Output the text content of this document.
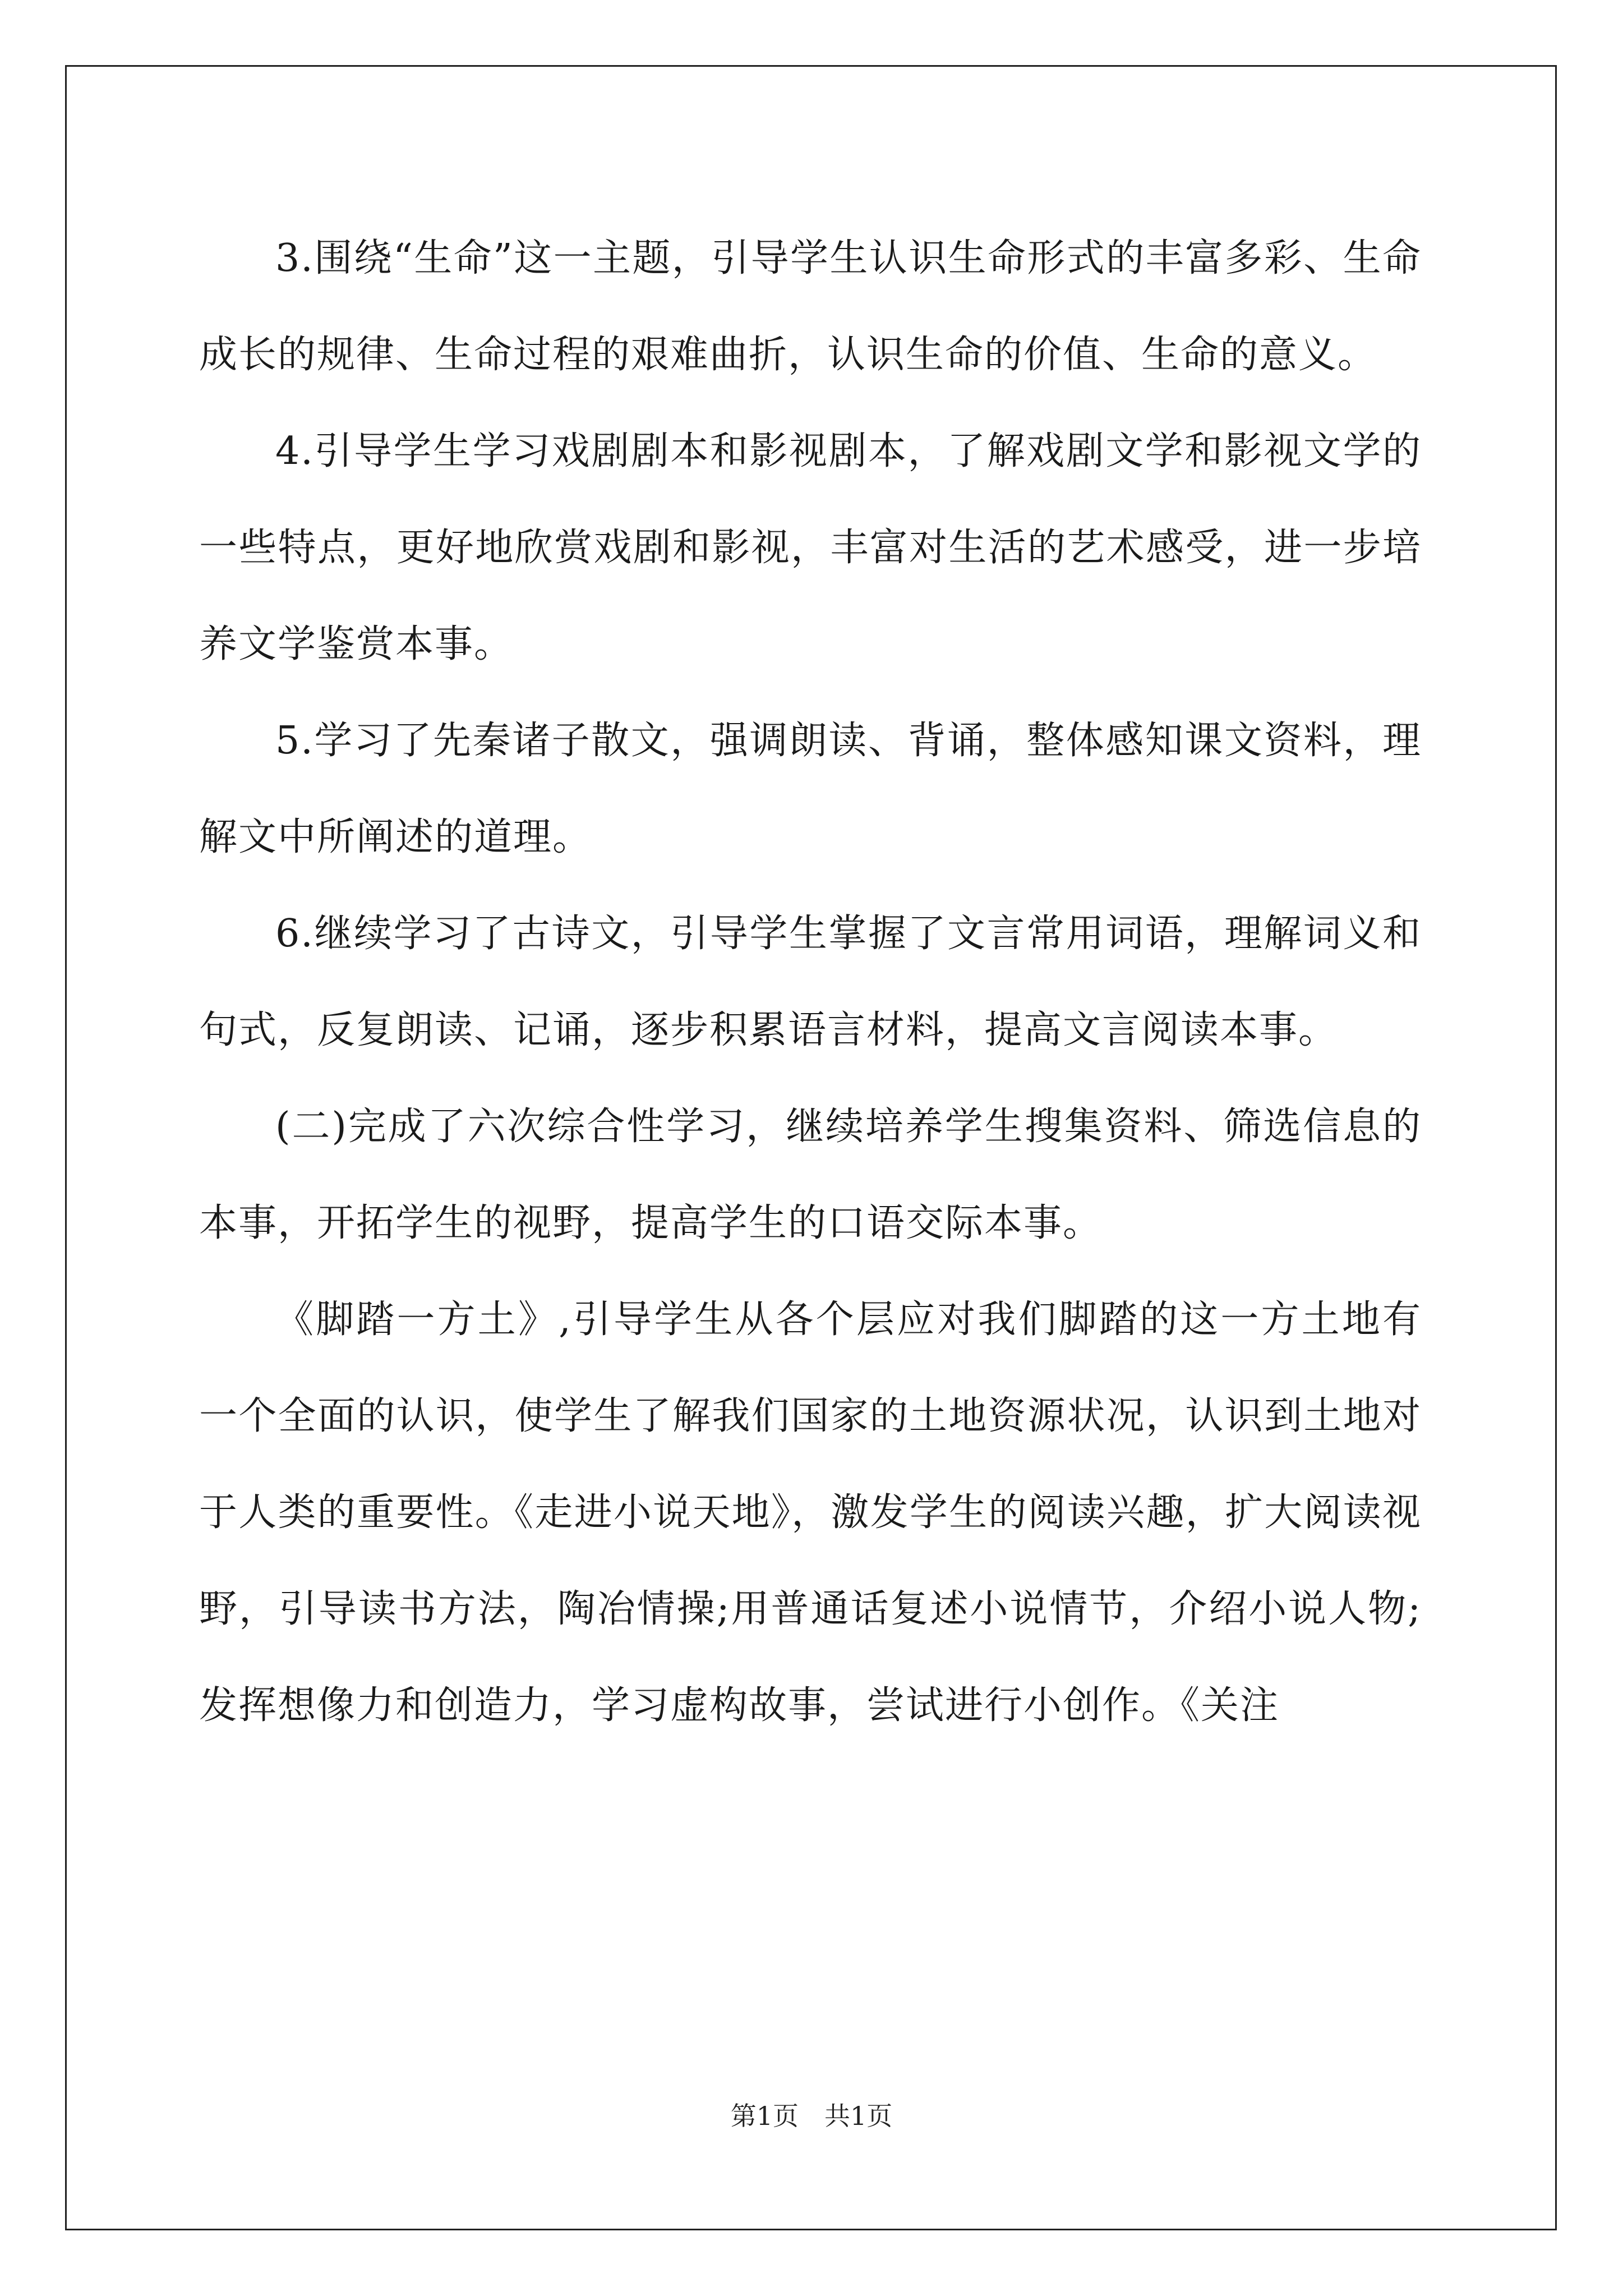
3.围绕“生命”这一主题，引导学生认识生命形式的丰富多彩、生命成长的规律、生命过程的艰难曲折，认识生命的价值、生命的意义。

4.引导学生学习戏剧剧本和影视剧本，了解戏剧文学和影视文学的一些特点，更好地欣赏戏剧和影视，丰富对生活的艺术感受，进一步培养文学鉴赏本事。

5.学习了先秦诸子散文，强调朗读、背诵，整体感知课文资料，理解文中所阐述的道理。

6.继续学习了古诗文，引导学生掌握了文言常用词语，理解词义和句式，反复朗读、记诵，逐步积累语言材料，提高文言阅读本事。

(二)完成了六次综合性学习，继续培养学生搜集资料、筛选信息的本事，开拓学生的视野，提高学生的口语交际本事。

《脚踏一方土》,引导学生从各个层应对我们脚踏的这一方土地有一个全面的认识，使学生了解我们国家的土地资源状况，认识到土地对于人类的重要性。《走进小说天地》，激发学生的阅读兴趣，扩大阅读视野，引导读书方法，陶冶情操;用普通话复述小说情节，介绍小说人物;发挥想像力和创造力，学习虚构故事，尝试进行小创作。《关注

第1页 共1页
